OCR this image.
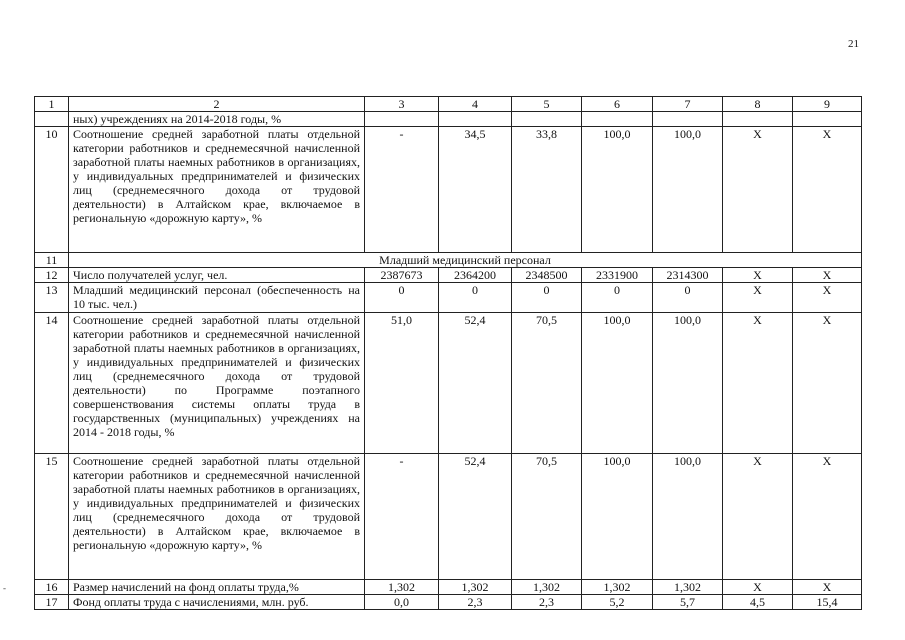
21
-
1	2	3	4	5	6	7	8	9
	ных) учреждениях на 2014-2018 годы, %							
10	Соотношение средней заработной платы отдельной категории работников и среднемесячной начисленной заработной платы наемных работников в организациях, у индивидуальных предпринимателей и физических лиц (среднемесячного дохода от трудовой деятельности) в Алтайском крае, включаемое в региональную «дорожную карту», %	-	34,5	33,8	100,0	100,0	Х	Х
11	Младший медицинский персонал							
12	Число получателей услуг, чел.	2387673	2364200	2348500	2331900	2314300	Х	Х
13	Младший медицинский персонал (обеспеченность на 10 тыс. чел.)	0	0	0	0	0	Х	Х
14	Соотношение средней заработной платы отдельной категории работников и среднемесячной начисленной заработной платы наемных работников в организациях, у индивидуальных предпринимателей и физических лиц (среднемесячного дохода от трудовой деятельности) по Программе поэтапного совершенствования системы оплаты труда в государственных (муниципальных) учреждениях на 2014 - 2018 годы, %	51,0	52,4	70,5	100,0	100,0	Х	Х
15	Соотношение средней заработной платы отдельной категории работников и среднемесячной начисленной заработной платы наемных работников в организациях, у индивидуальных предпринимателей и физических лиц (среднемесячного дохода от трудовой деятельности) в Алтайском крае, включаемое в региональную «дорожную карту», %	-	52,4	70,5	100,0	100,0	Х	Х
16	Размер начислений на фонд оплаты труда,%	1,302	1,302	1,302	1,302	1,302	Х	Х
17	Фонд оплаты труда с начислениями, млн. руб.	0,0	2,3	2,3	5,2	5,7	4,5	15,4
